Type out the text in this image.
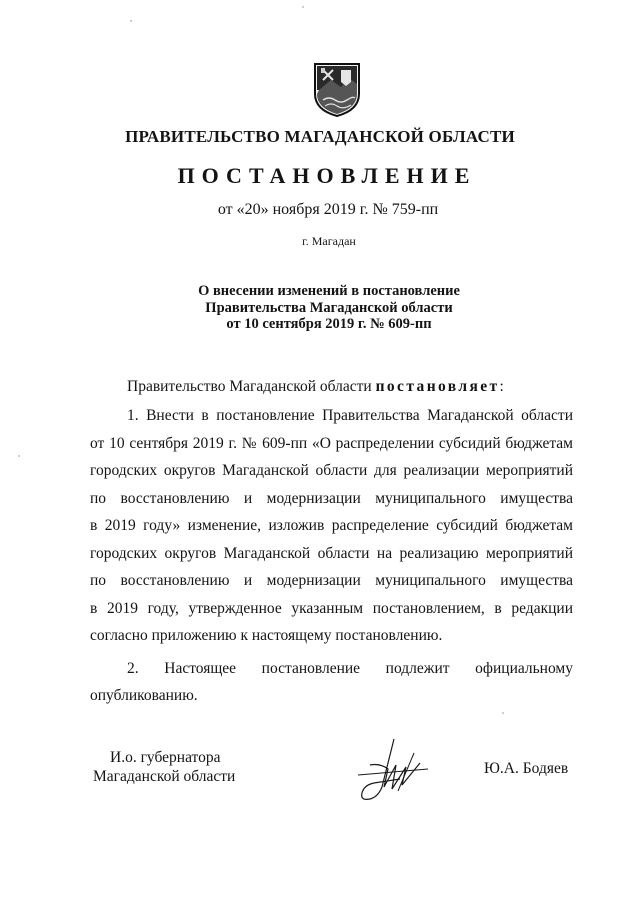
ПРАВИТЕЛЬСТВО МАГАДАНСКОЙ ОБЛАСТИ
ПОСТАНОВЛЕНИЕ
от «20» ноября 2019 г. № 759-пп
г. Магадан
О внесении изменений в постановление
Правительства Магаданской области
от 10 сентября 2019 г. № 609-пп
Правительство Магаданской области постановляет:
1. Внести в постановление Правительства Магаданской области
от 10 сентября 2019 г. № 609-пп «О распределении субсидий бюджетам
городских округов Магаданской области для реализации мероприятий
по восстановлению и модернизации муниципального имущества
в 2019 году» изменение, изложив распределение субсидий бюджетам
городских округов Магаданской области на реализацию мероприятий
по восстановлению и модернизации муниципального имущества
в 2019 году, утвержденное указанным постановлением, в редакции
согласно приложению к настоящему постановлению.
2. Настоящее постановление подлежит официальному
опубликованию.
И.о. губернатора
Магаданской области	Ю.А. Бодяев
